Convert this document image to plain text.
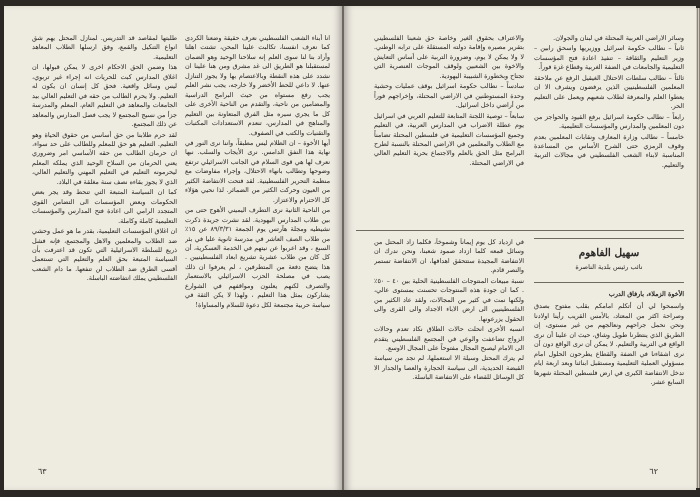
انا أبناء الشعب الفلسطيني نعرف حقيقة وضعنا الكردى كما نعرف انفسنا، تكالبت علينا المحن، تشتت اهلنا وأراد بنا لنا سوى العلم إنه سلاحنا الوحيد وهو الضمان لمستقبلنا هو الطريق الى غد مشرق ومن هنا علينا ان نشدد على هذه النقطة وبالاعتصام بها ولا يجوز التنازل عنها. لا داعي للحط الأخضر ولا خارجه، يجب نشر العلم يجب رفع مستواه من حيث البرامج الدراسية والمضامين من ناحية، والتقدم من الناحية الأخرى على كل ما يجري سيره مثل الفرق المتعاونة بين التعليم والمناهج في المدارس، تنعدم الاستعدادات المكتبات والتقنيات والكتب في الصفوف.

أيها الأخوة – ان الظلام ليس مطبقاً، واننا نرى النور في نهاية هذا النفق الدامس. نرى الأيجاب والسلب. نبها نعرف لها هي قوى السلام في الجانب الاسرائيلي ترتفع وضوحها وتطالب بانهاء الاحتلال، وإجراء مفاوضات مع منظمة التحرير الفلسطينية. لقد فتحت الانتفاضة الكثير من العيون وحركت الكثير من الضمائر. لذا نحيي هؤلاء كل الاحترام والاعتزاز.

من الناحية الثانية نرى التطرف اليميني الأهوج حتى من بين طلاب المدارس اليهودية. لقد نشرت جريدة ذكرت نشيطيه ومجلة هآرتس يوم الجمعة ٨٩/٣/٣١ عن ١٥٪ من طلاب الصف العاشر في مدرسة ثانوية عليا في بئر السبع ، وقد اعربوا عن نيتهم في الخدمة العسكرية، أن كل كان من طلاب عشرية تشريع ابعاد الفلسطينيين . هذا يتضح دفعة من المتطرفين ، لم يعرفوا ان ذلك يصب في مصلحة الحزب الاسرائيلي بالاستعمار والتصرف لكنهم يعلنون ومواقفهم في الشوارع يشاركون بمثل هذا التعليم ، ولهذا لا يكن الثقة في سياسة حربية مجتمعة لكل دعوة للسلام والمساواة!

طلبتها لمقاصد قد التدريس. لمنازل المحتل يهم شق انواع التنكيل والقمع، وفق ارسلها الطلاب المعاهد التعليمية.

هذا وضمن الحق الاحكام اخرى لا يمكن قبولها، ان اغلاق المدارس كبت للحريات انه إجراء غير تربوي، ليس وسائل واقعية. فحق كل إنسان ان يكون له التعليم. ولا يحرم الطالب من حقه في التعليم العالي بيد الجامعات والمعاهد في التعليم العام، المعلم والمدرسة جزأ من نسيج المجتمع لا يجب فصل المدارس والمعاهد عن ذلك المجتمع.

لقد حرم طلابنا من حق أساسي من حقوق الحياة وهو التعليم. التعليم هو حق للمعلم وللطالب على حد سواء، ان حرمان الطالب من حقه الأساسي امر وضروري يعني الحرمان من السلاح الوحيد الذي يملكه المعلم ليحرمونه التعليم في التعليم المهني والتعليم العالي، الذي لا يجوز بقاءه نصف سنة مغلقة في البلاد.

كما ان السياسة المتبعة التي تنحط وقد يجر بعض الحكومات وبعض المؤسسات الى التضامن القوي المتجدد الرامي الى اعادة فتح المدارس والمؤسسات التعليمية كاملة وكاملة.

ان اغلاق المؤسسات التعليمية، بقدر ما هو عمل وحشي ضد الطلاب والمعلمين والاهل والمجتمع، فإنه فشل ذريع للسلطة الاسرائيلية التي تكون قد اعترفت بأن السياسة المتبعة بحق العلم والتعليم التي تستعمل أقسى الطرق ضد الطلاب لن تنفعها. ما دام الشعب الفلسطيني يملك انتفاضته الباسلة.

٦٣

وسائر الاراضي العربية المحتلة في لبنان والجولان.

ثانياً – نطالب حكومة اسرائيل ووزيريها واسحق رابين – وزير التعليم والثقافة – تنفيذ اعادة فتح المؤسسات التعليمية والجامعات في الضفة الغربية وقطاع غزة فوراً.

ثالثاً – نطالب سلطات الاحتلال الغيقيل الرفع عن ملاحقة المعلمين الفلسطينيين الذين يرفضون ويشرف الا ان يعطوا العلم والمعرفة لطلاب شعبهم ويعمل على التعليم الحر.

رابعاً – نطالب حكومة اسرائيل برفع القيود والحواجز من دون المعلمين والمدارس والمؤسسات التعليمية.

خامساً – نطالب وزارة المعارف ونقابات المعلمين بعدم وقوف الرمزي حتى الشرح الأساس من المساعدة المناسبة لابناء الشعب الفلسطيني في مجالات التربية والتعليم.

والاعتراف بحقوق الغير وخاصة حق شعبنا الفلسطيني بتقرير مصيره وإقامة دولته المستقلة على ترابه الوطني. لا ولا يمكن لا يوم، وضرورة التربية على أساس التعايش والاخوة بين الشعبين ولوقف الموجات العنصرية التي تجتاح وبخطورة الشبيبة اليهودية.

سادساً – نطالب حكومة اسرائيل بوقف عمليات وحشية وحدة المستوطنين في الاراضي المحتلة، وإخراجهم فوراً من أراضي داخل اسرائيل.

سابعاً – توصية اللجنة المتابعة للتعليم العربي في اسرائيل يوم عطلة الاضراب في المدارس العربية، في التعليم وجميع المؤسسات التعليمية في فلسطين المحتلة تضامناً مع الطلاب والمعلمين في الاراضي المحتلة بالنسبة لطرح البرامج مثل الحق بالعلم والاجتماع بحرية التعليم العالي في الاراضي المحتلة.

سهيل الفاهوم
نائب رئيس بلدية الناصرة

الأخوة الزملاء، بارفاق الدرب

واسمحوا لي أن أتكلم امامكم بقلب مفتوح بصدق وصراحة اكثر من المعتاد، بالأمس القريب رأينا اولادنا ونحن نحمل جراحهم ونعالجهم من غير مستوى، إن الطريق الذي ينتظرنا طويل وشاق، حيث ان علينا أن نرى الواقع في التربية والتعليم. لا يمكن أن نرى الواقع دون أن نرى اشقاءنا في الضفة والقطاع يطرحون الحلول امام مسؤولي العملية التعليمية ومستقبل ابنائنا وبعد اربعة ايام تدخل الانتفاضة الكبرى في ارض فلسطين المحتلة شهرها السابع عشر.

في ازدياد كل يوم إيماناً وشموخاً، فكلما زاد المحتل من وسائل قمعه كلما ازداد صمود شعبنا، ونحن ندرك ان الانتفاضة المجيدة ستتحقق اهدافها، ان الانتفاضة تستمر والنصر قادم.

نسبة مبيعات المنتوجات الفلسطينية الحلية بين ٤٠ – ٥٠٪ . كما ان جودة هذه المنتوجات تحسنت بمستوى عالي، ولكنها نمت في كثير من المجالات، ولقد عاد الكثير من الفلسطينيين الى ارض الاباء الاجداد والى القرى والى الحقول يزرعونها.

انسبه الأخرى انحلت حالات الطلاق نكاد تعدم وحالات الزواج تضاعفت والوعي في المجتمع الفلسطيني يتقدم الى الامام ليصبح المجال مفتوحاً على المجال الاوسع.

لم يترك المحتل وسيلة الا استعملها، لم نجد من سياسة القبضة الحديدية، الى سياسة الحجارة والعصا والجدار الا كل الوسائل للقضاء على الانتفاضة الباسلة.

٦٢
